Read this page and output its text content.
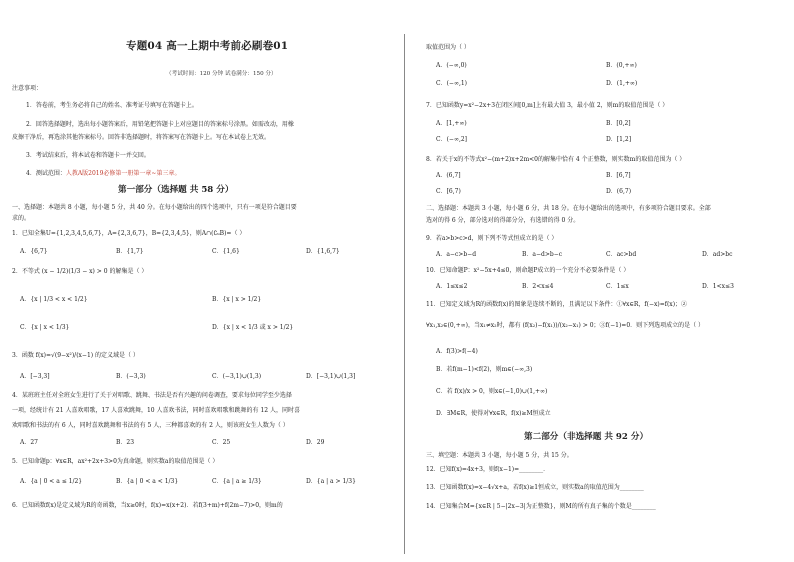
专题04 高一上期中考前必刷卷01
（考试时间：120 分钟 试卷满分：150 分）
注意事项：
1．答卷前，考生务必将自己的姓名、准考证号填写在答题卡上。
2．回答选择题时，选出每小题答案后，用铅笔把答题卡上对应题目的答案标号涂黑。如需改动，用橡
皮擦干净后，再选涂其他答案标号。回答非选择题时，将答案写在答题卡上。写在本试卷上无效。
3．考试结束后，将本试卷和答题卡一并交回。
4．测试范围：人教A版2019必修第一册第一章~第三章。
第一部分（选择题 共 58 分）
一、选择题：本题共 8 小题，每小题 5 分，共 40 分。在每小题给出的四个选项中，只有一项是符合题目要
求的。
1．已知全集U={1,2,3,4,5,6,7}，A={2,3,6,7}，B={2,3,4,5}，则A∩(∁ᵤB)=（ ）
A．{6,7}	B．{1,7}	C．{1,6}	D．{1,6,7}
2．不等式 (x − 1/2)(1/3 − x) > 0 的解集是（ ）
A．{x | 1/3 < x < 1/2}	B．{x | x > 1/2}
C．{x | x < 1/3}	D．{x | x < 1/3 或 x > 1/2}
3．函数 f(x)=√(9−x²)/(x−1) 的定义域是（ ）
A．[−3,3]	B．(−3,3)	C．(−3,1)∪(1,3)	D．[−3,1)∪(1,3]
4．某班班主任对全班女生进行了关于对唱歌、跳舞、书法是否有兴趣的问卷调查，要求每位同学至少选择
一项，经统计有 21 人喜欢唱歌，17 人喜欢跳舞，10 人喜欢书法，同时喜欢唱歌和跳舞的有 12 人，同时喜
欢唱歌和书法的有 6 人，同时喜欢跳舞和书法的有 5 人，三种都喜欢的有 2 人，则该班女生人数为（ ）
A．27	B．23	C．25	D．29
5．已知命题p：∀x∈R，ax²+2x+3>0为真命题，则实数a的取值范围是（ ）
A．{a | 0 < a ≤ 1/2}	B．{a | 0 < a < 1/3}	C．{a | a ≥ 1/3}	D．{a | a > 1/3}
6．已知函数f(x)是定义域为R的奇函数，当x≥0时，f(x)=x(x+2)．若f(3+m)+f(2m−7)>0，则m的
取值范围为（ ）
A．(−∞,0)	B．(0,+∞)
C．(−∞,1)	D．(1,+∞)
7．已知函数y=x²−2x+3在闭区间[0,m]上有最大值 3，最小值 2，则m的取值范围是（ ）
A．[1,+∞)	B．[0,2]
C．(−∞,2]	D．[1,2]
8．若关于x的不等式x²−(m+2)x+2m<0的解集中恰有 4 个正整数，则实数m的取值范围为（ ）
A．(6,7]	B．[6,7]
C．[6,7)	D．(6,7)
二、选择题：本题共 3 小题，每小题 6 分，共 18 分。在每小题给出的选项中，有多项符合题目要求。全部
选对的得 6 分，部分选对的得部分分，有选错的得 0 分。
9．若a>b>c>d，则下列不等式恒成立的是（ ）
A．a−c>b−d	B．a−d>b−c	C．ac>bd	D．ad>bc
10．已知命题P：x²−5x+4≤0，则命题P成立的一个充分不必要条件是（ ）
A．1≤x≤2	B．2<x≤4	C．1≤x	D．1<x≤3
11．已知定义域为R的函数f(x)的图象是连续不断的，且满足以下条件：①∀x∈R，f(−x)=f(x)；②
∀x₁,x₂∈(0,+∞)，当x₁≠x₂时，都有 (f(x₂)−f(x₁))/(x₂−x₁) > 0；③f(−1)=0．则下列选项成立的是（ ）
A．f(3)>f(−4)
B．若f(m−1)<f(2)，则m∈(−∞,3)
C．若 f(x)/x > 0，则x∈(−1,0)∪(1,+∞)
D．∃M∈R，使得对∀x∈R，f(x)≥M恒成立
第二部分（非选择题 共 92 分）
三、填空题：本题共 3 小题，每小题 5 分，共 15 分。
12．已知f(x)=4x+3，则f(x−1)=________．
13．已知函数f(x)=x−4√x+a，若f(x)≥1恒成立，则实数a的取值范围为________
14．已知集合M={x∈R | 5−|2x−3|为正整数}，则M的所有真子集的个数是________
